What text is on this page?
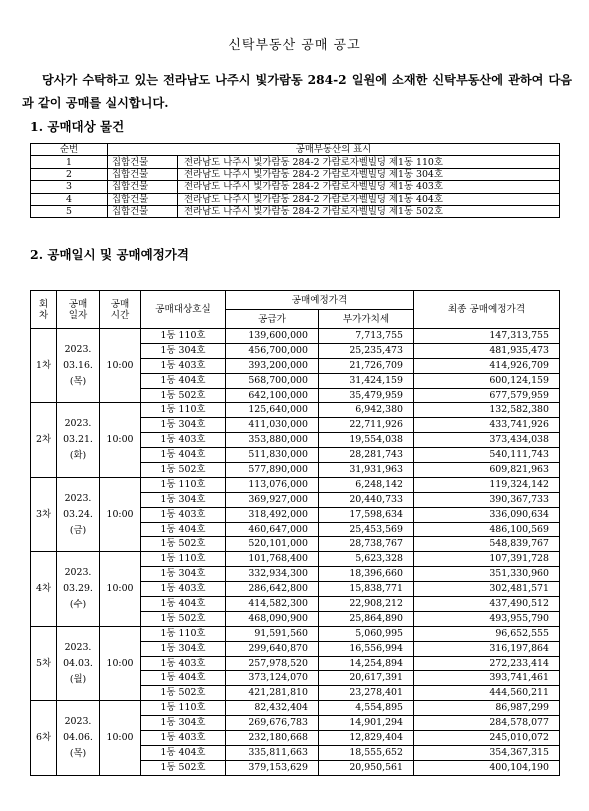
신탁부동산 공매 공고

당사가 수탁하고 있는 전라남도 나주시 빛가람동 284-2 일원에 소재한 신탁부동산에 관하여 다음과 같이 공매를 실시합니다.

1. 공매대상 물건
순번	공매부동산의 표시	
1	집합건물	전라남도 나주시 빛가람동 284-2 가람로자벨빌딩 제1동 110호
2	집합건물	전라남도 나주시 빛가람동 284-2 가람로자벨빌딩 제1동 304호
3	집합건물	전라남도 나주시 빛가람동 284-2 가람로자벨빌딩 제1동 403호
4	집합건물	전라남도 나주시 빛가람동 284-2 가람로자벨빌딩 제1동 404호
5	집합건물	전라남도 나주시 빛가람동 284-2 가람로자벨빌딩 제1동 502호
2. 공매일시 및 공매예정가격
회
차	공매
일자	공매
시간	공매대상호실	공매예정가격		최종 공매예정가격
				공급가	부가가치세	
1차	2023.
03.16.
(목)	10:00	1동 110호	139,600,000	7,713,755	147,313,755
			1동 304호	456,700,000	25,235,473	481,935,473
			1동 403호	393,200,000	21,726,709	414,926,709
			1동 404호	568,700,000	31,424,159	600,124,159
			1동 502호	642,100,000	35,479,959	677,579,959
2차	2023.
03.21.
(화)	10:00	1동 110호	125,640,000	6,942,380	132,582,380
			1동 304호	411,030,000	22,711,926	433,741,926
			1동 403호	353,880,000	19,554,038	373,434,038
			1동 404호	511,830,000	28,281,743	540,111,743
			1동 502호	577,890,000	31,931,963	609,821,963
3차	2023.
03.24.
(금)	10:00	1동 110호	113,076,000	6,248,142	119,324,142
			1동 304호	369,927,000	20,440,733	390,367,733
			1동 403호	318,492,000	17,598,634	336,090,634
			1동 404호	460,647,000	25,453,569	486,100,569
			1동 502호	520,101,000	28,738,767	548,839,767
4차	2023.
03.29.
(수)	10:00	1동 110호	101,768,400	5,623,328	107,391,728
			1동 304호	332,934,300	18,396,660	351,330,960
			1동 403호	286,642,800	15,838,771	302,481,571
			1동 404호	414,582,300	22,908,212	437,490,512
			1동 502호	468,090,900	25,864,890	493,955,790
5차	2023.
04.03.
(월)	10:00	1동 110호	91,591,560	5,060,995	96,652,555
			1동 304호	299,640,870	16,556,994	316,197,864
			1동 403호	257,978,520	14,254,894	272,233,414
			1동 404호	373,124,070	20,617,391	393,741,461
			1동 502호	421,281,810	23,278,401	444,560,211
6차	2023.
04.06.
(목)	10:00	1동 110호	82,432,404	4,554,895	86,987,299
			1동 304호	269,676,783	14,901,294	284,578,077
			1동 403호	232,180,668	12,829,404	245,010,072
			1동 404호	335,811,663	18,555,652	354,367,315
			1동 502호	379,153,629	20,950,561	400,104,190
